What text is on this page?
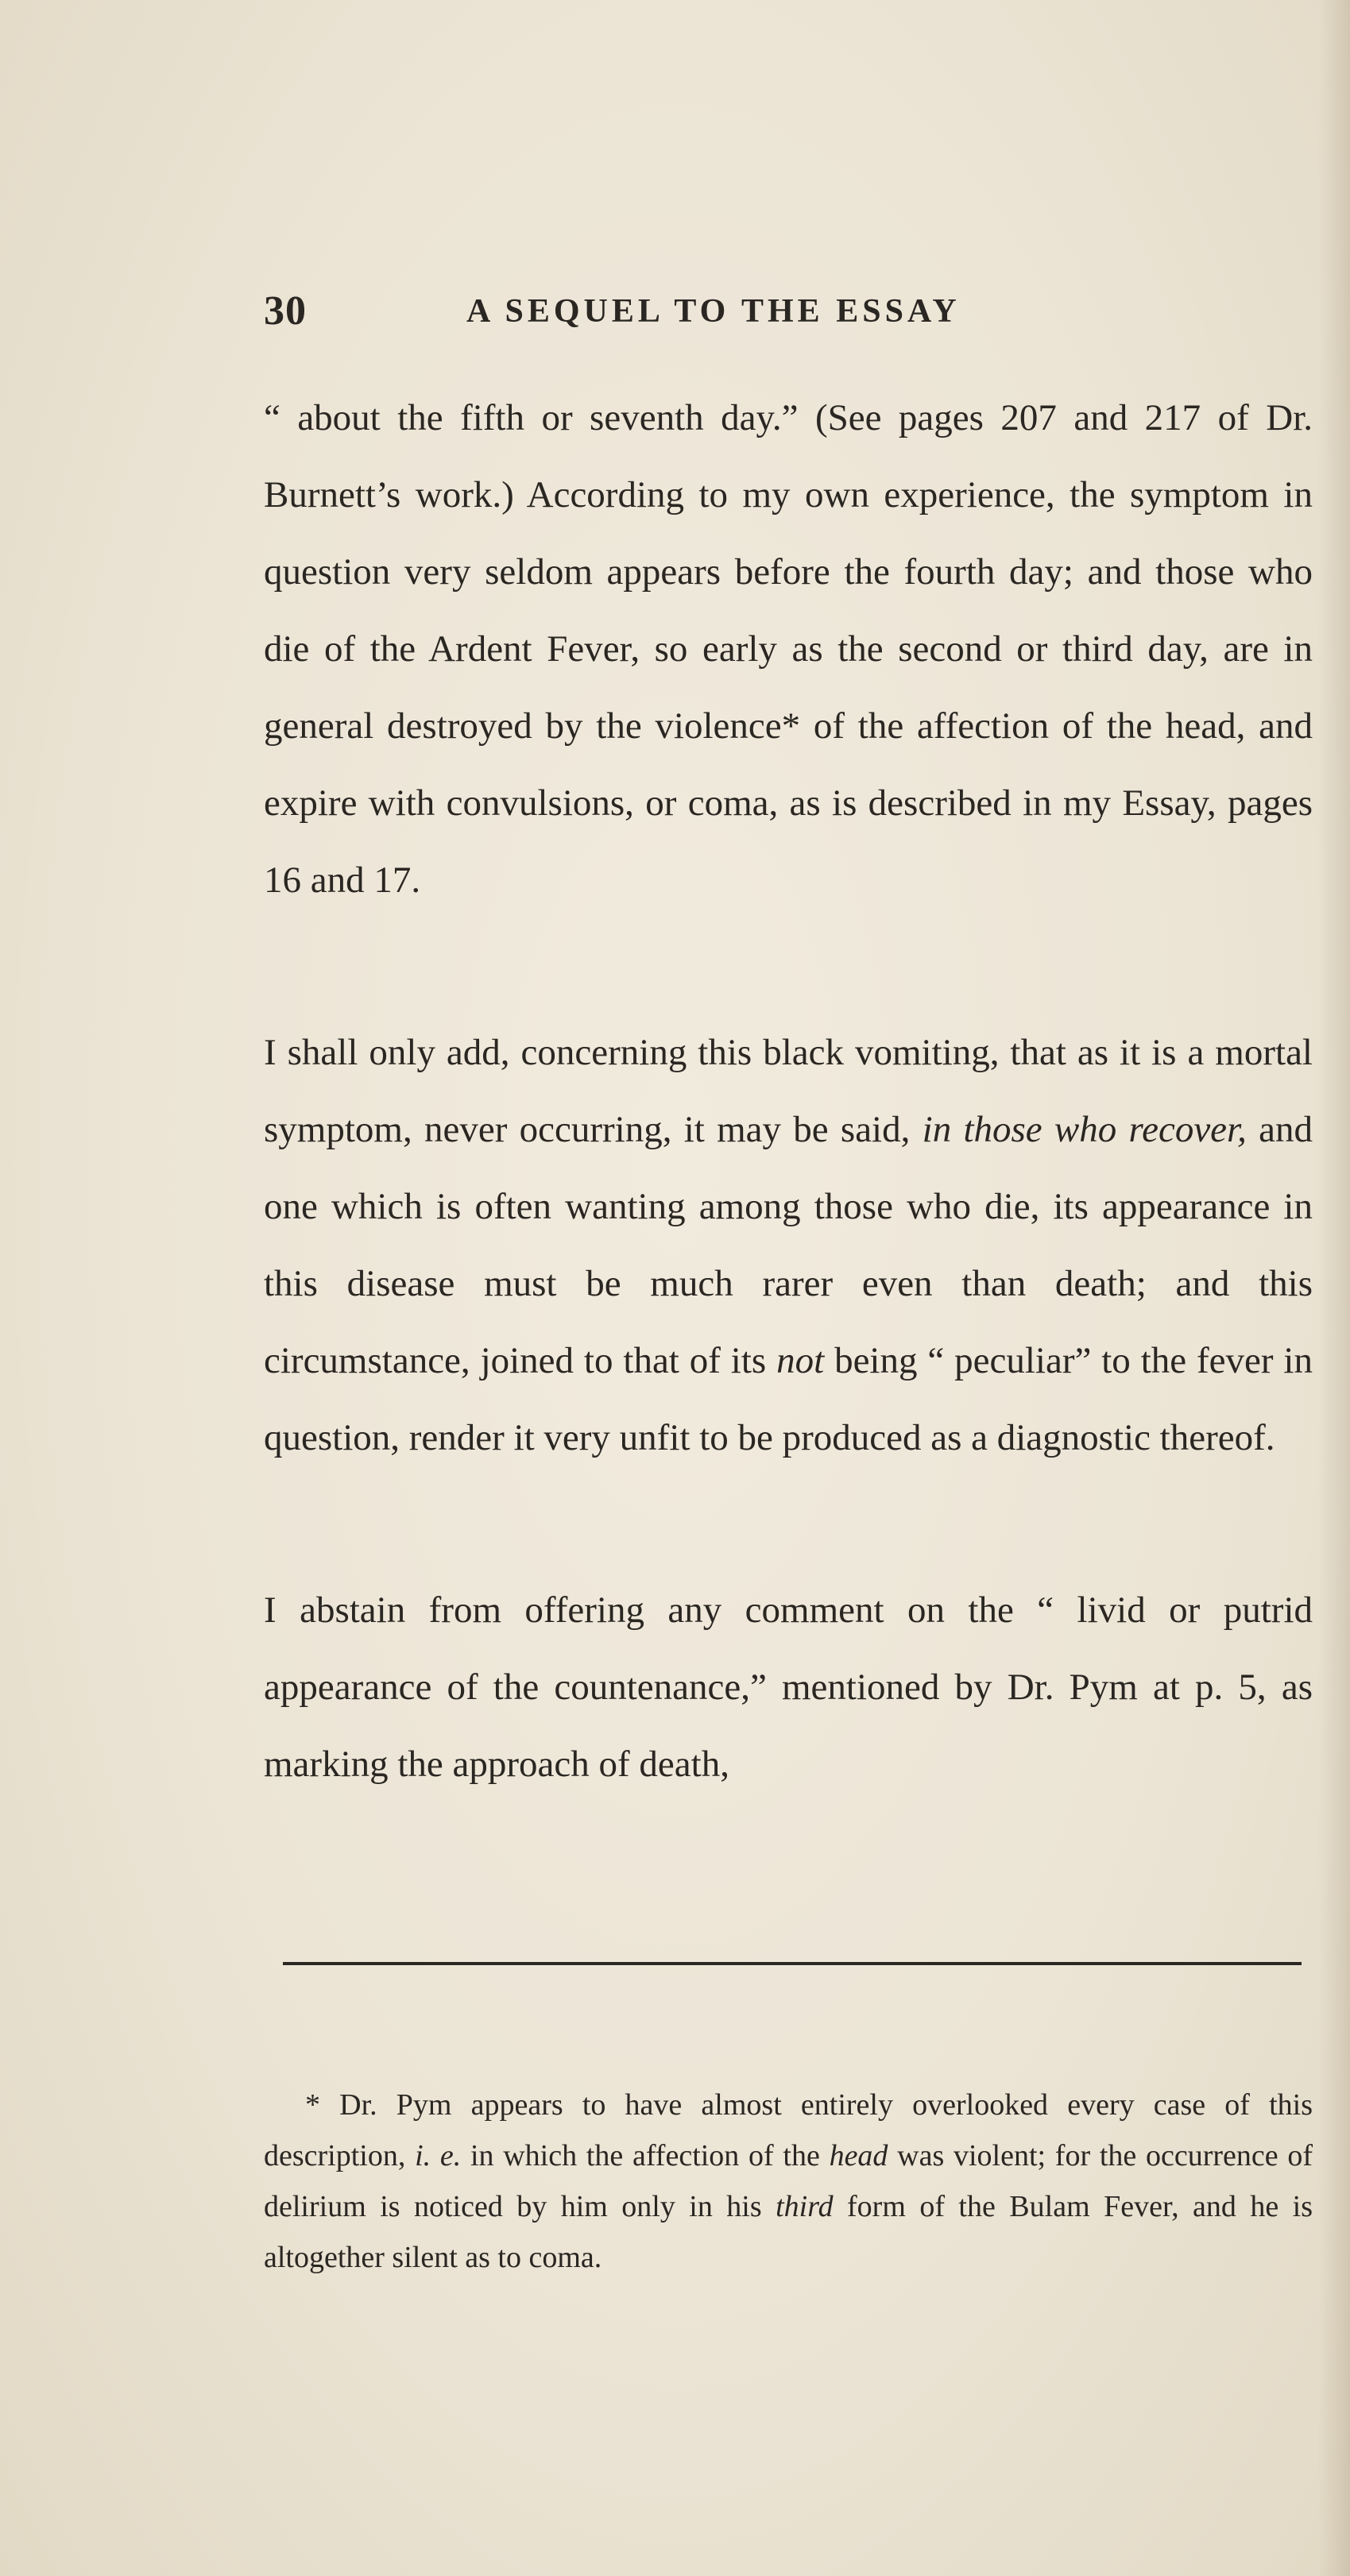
30	A SEQUEL TO THE ESSAY

“ about the fifth or seventh day.” (See pages 207 and 217 of Dr. Burnett’s work.) According to my own experience, the symptom in question very seldom appears before the fourth day; and those who die of the Ardent Fever, so early as the second or third day, are in general destroyed by the violence* of the affection of the head, and expire with convulsions, or coma, as is described in my Essay, pages 16 and 17.

I shall only add, concerning this black vomiting, that as it is a mortal symptom, never occurring, it may be said, in those who recover, and one which is often wanting among those who die, its appearance in this disease must be much rarer even than death; and this circumstance, joined to that of its not being “ peculiar” to the fever in question, render it very unfit to be produced as a diagnostic thereof.

I abstain from offering any comment on the “ livid or putrid appearance of the countenance,” mentioned by Dr. Pym at p. 5, as marking the approach of death,

* Dr. Pym appears to have almost entirely overlooked every case of this description, i. e. in which the affection of the head was violent; for the occurrence of delirium is noticed by him only in his third form of the Bulam Fever, and he is altogether silent as to coma.
